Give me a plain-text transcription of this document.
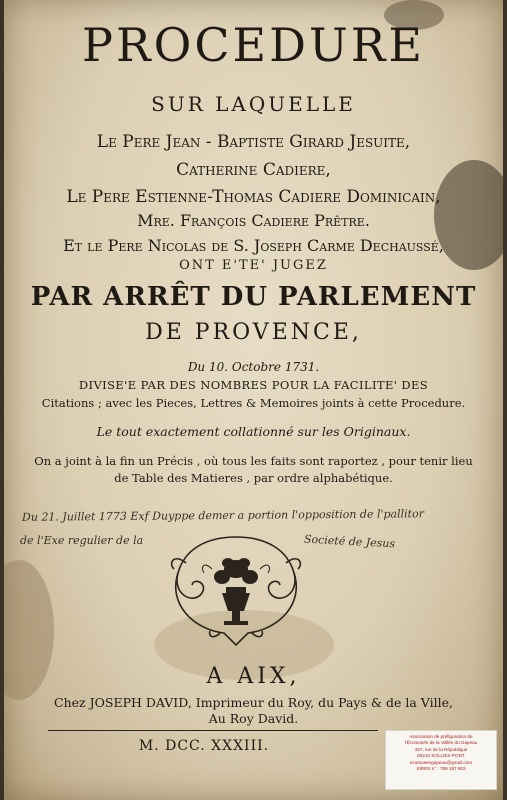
PROCEDURE
SUR LAQUELLE
Le Pere Jean - Baptiste Girard Jesuite,
Catherine Cadiere,
Le Pere Estienne-Thomas Cadiere Dominicain,
Mre. François Cadiere Prêtre.
Et le Pere Nicolas de S. Joseph Carme Dechaussé,
ONT E'TE' JUGEZ
PAR ARRÊT DU PARLEMENT
DE PROVENCE,
Du 10. Octobre 1731.
DIVISE'E PAR DES NOMBRES POUR LA FACILITE' DES
Citations ; avec les Pieces, Lettres & Memoires joints à cette Procedure.
Le tout exactement collationné sur les Originaux.
On a joint à la fin un Précis , où tous les faits sont raportez , pour tenir lieu
de Table des Matieres , par ordre alphabétique.
Du 21. Juillet 1773 Exf Duyppe demer a portion l'opposition de l'pallitor
de l'Exe regulier de la	Societé de Jesus
A AIX,
Chez JOSEPH DAVID, Imprimeur du Roy, du Pays & de la Ville,
Au Roy David.
M. DCC. XXXIII.
Association de préfiguration de
l'Écomusée de la Vallée du Gapeau
347, rue de la République
83210 SOLLIES-PONT
ecomuseegapeau@gmail.com
SIREN n° : 789 187 803
